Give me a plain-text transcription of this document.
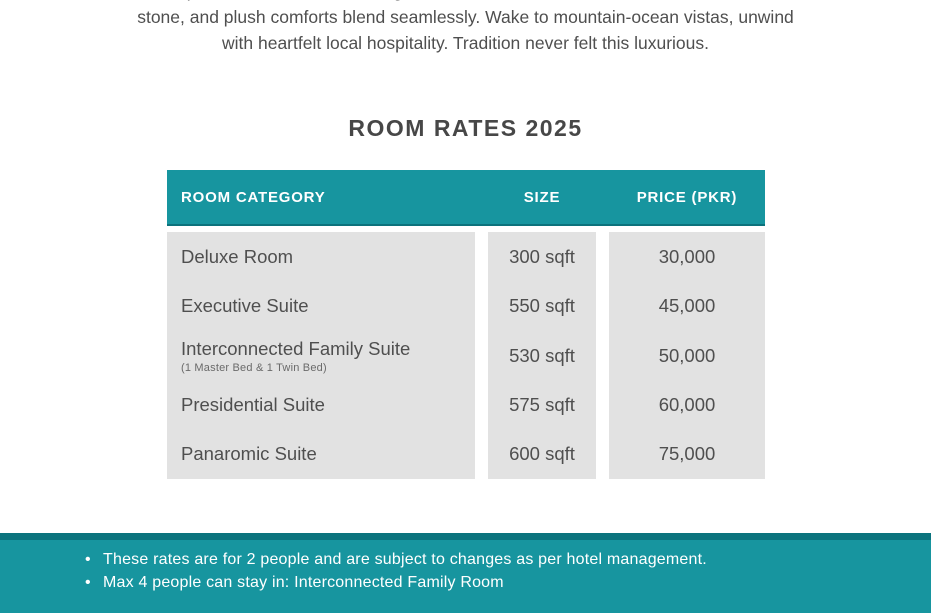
stone, and plush comforts blend seamlessly. Wake to mountain-ocean vistas, unwind
with heartfelt local hospitality. Tradition never felt this luxurious.
ROOM RATES 2025
ROOM CATEGORY	SIZE	PRICE (PKR)
Deluxe Room
Executive Suite
Interconnected Family Suite
(1 Master Bed & 1 Twin Bed)
Presidential Suite
Panaromic Suite
300 sqft
550 sqft
530 sqft
575 sqft
600 sqft
30,000
45,000
50,000
60,000
75,000
• These rates are for 2 people and are subject to changes as per hotel management.
• Max 4 people can stay in: Interconnected Family Room
